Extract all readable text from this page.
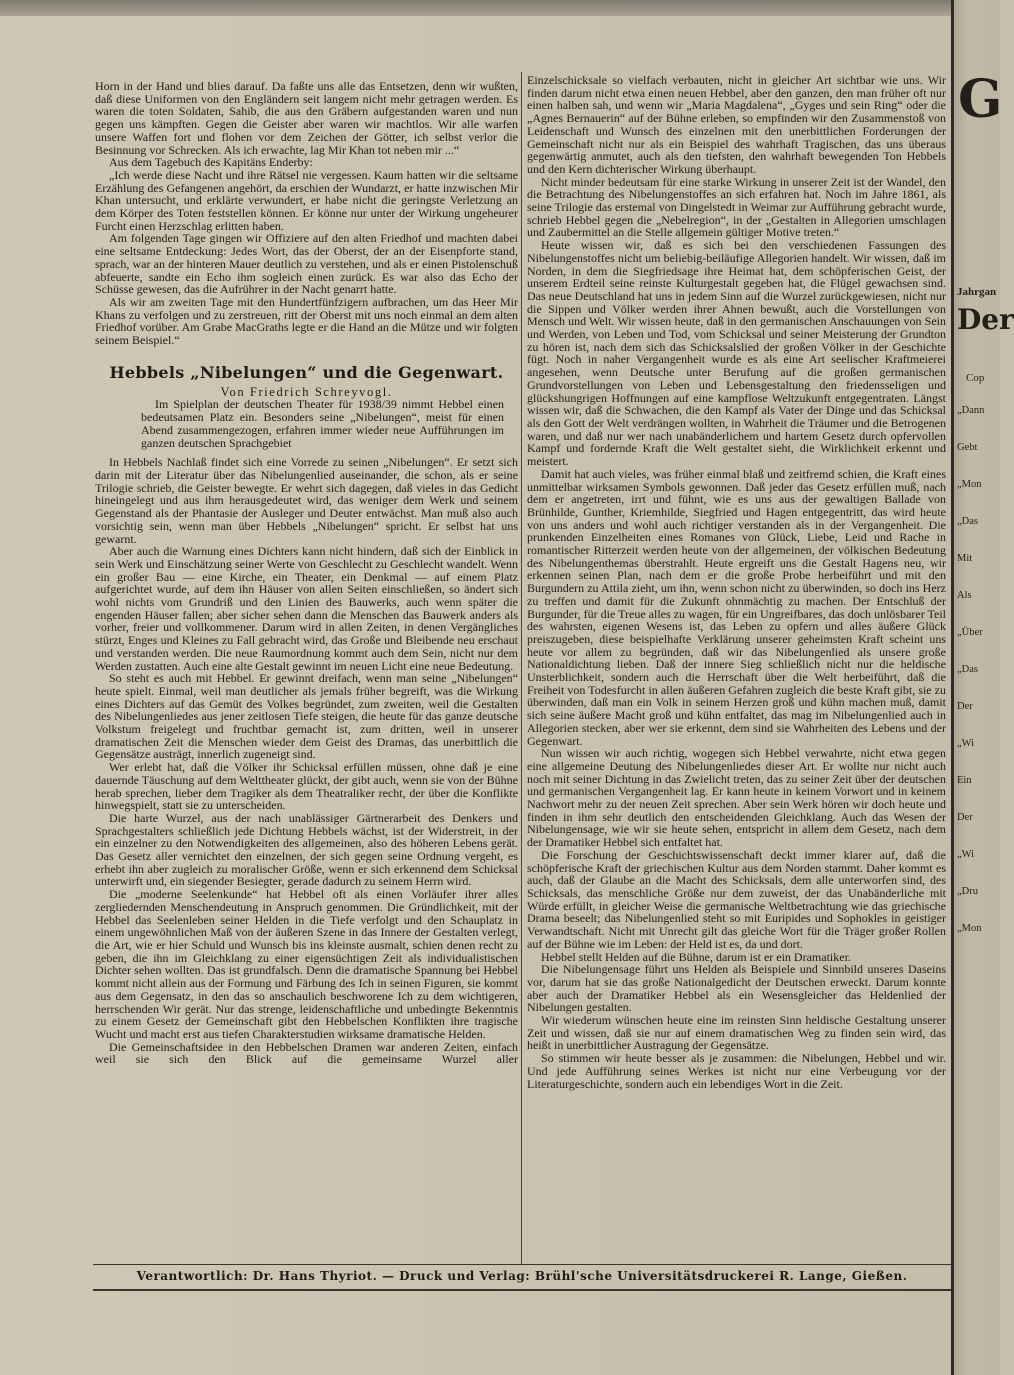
Horn in der Hand und blies darauf. Da faßte uns alle das Entsetzen, denn wir wußten, daß diese Uniformen von den Engländern seit langem nicht mehr getragen werden. Es waren die toten Soldaten, Sahib, die aus den Gräbern aufgestanden waren und nun gegen uns kämpften. Gegen die Geister aber waren wir machtlos. Wir alle warfen unsere Waffen fort und flohen vor dem Zeichen der Götter, ich selbst verlor die Besinnung vor Schrecken. Als ich erwachte, lag Mir Khan tot neben mir ...“

Aus dem Tagebuch des Kapitäns Enderby:

„Ich werde diese Nacht und ihre Rätsel nie vergessen. Kaum hatten wir die seltsame Erzählung des Gefangenen angehört, da erschien der Wundarzt, er hatte inzwischen Mir Khan untersucht, und erklärte verwundert, er habe nicht die geringste Verletzung an dem Körper des Toten feststellen können. Er könne nur unter der Wirkung ungeheurer Furcht einen Herzschlag erlitten haben.

Am folgenden Tage gingen wir Offiziere auf den alten Friedhof und machten dabei eine seltsame Entdeckung: Jedes Wort, das der Oberst, der an der Eisenpforte stand, sprach, war an der hinteren Mauer deutlich zu verstehen, und als er einen Pistolenschuß abfeuerte, sandte ein Echo ihm sogleich einen zurück. Es war also das Echo der Schüsse gewesen, das die Aufrührer in der Nacht genarrt hatte.

Als wir am zweiten Tage mit den Hundertfünfzigern aufbrachen, um das Heer Mir Khans zu verfolgen und zu zerstreuen, ritt der Oberst mit uns noch einmal an dem alten Friedhof vorüber. Am Grabe MacGraths legte er die Hand an die Mütze und wir folgten seinem Beispiel.“

Hebbels „Nibelungen“ und die Gegenwart.

Von Friedrich Schreyvogl.

Im Spielplan der deutschen Theater für 1938/39 nimmt Hebbel einen bedeutsamen Platz ein. Besonders seine „Nibelungen“, meist für einen Abend zusammengezogen, erfahren immer wieder neue Aufführungen im ganzen deutschen Sprachgebiet

In Hebbels Nachlaß findet sich eine Vorrede zu seinen „Nibelungen“. Er setzt sich darin mit der Literatur über das Nibelungenlied auseinander, die schon, als er seine Trilogie schrieb, die Geister bewegte. Er wehrt sich dagegen, daß vieles in das Gedicht hineingelegt und aus ihm herausgedeutet wird, das weniger dem Werk und seinem Gegenstand als der Phantasie der Ausleger und Deuter entwächst. Man muß also auch vorsichtig sein, wenn man über Hebbels „Nibelungen“ spricht. Er selbst hat uns gewarnt.

Aber auch die Warnung eines Dichters kann nicht hindern, daß sich der Einblick in sein Werk und Einschätzung seiner Werte von Geschlecht zu Geschlecht wandelt. Wenn ein großer Bau — eine Kirche, ein Theater, ein Denkmal — auf einem Platz aufgerichtet wurde, auf dem ihn Häuser von allen Seiten einschließen, so ändert sich wohl nichts vom Grundriß und den Linien des Bauwerks, auch wenn später die engenden Häuser fallen; aber sicher sehen dann die Menschen das Bauwerk anders als vorher, freier und vollkommener. Darum wird in allen Zeiten, in denen Vergängliches stürzt, Enges und Kleines zu Fall gebracht wird, das Große und Bleibende neu erschaut und verstanden werden. Die neue Raumordnung kommt auch dem Sein, nicht nur dem Werden zustatten. Auch eine alte Gestalt gewinnt im neuen Licht eine neue Bedeutung.

So steht es auch mit Hebbel. Er gewinnt dreifach, wenn man seine „Nibelungen“ heute spielt. Einmal, weil man deutlicher als jemals früher begreift, was die Wirkung eines Dichters auf das Gemüt des Volkes begründet, zum zweiten, weil die Gestalten des Nibelungenliedes aus jener zeitlosen Tiefe steigen, die heute für das ganze deutsche Volkstum freigelegt und fruchtbar gemacht ist, zum dritten, weil in unserer dramatischen Zeit die Menschen wieder dem Geist des Dramas, das unerbittlich die Gegensätze austrägt, innerlich zugeneigt sind.

Wer erlebt hat, daß die Völker ihr Schicksal erfüllen müssen, ohne daß je eine dauernde Täuschung auf dem Welttheater glückt, der gibt auch, wenn sie von der Bühne herab sprechen, lieber dem Tragiker als dem Theatraliker recht, der über die Konflikte hinwegspielt, statt sie zu unterscheiden.

Die harte Wurzel, aus der nach unablässiger Gärtnerarbeit des Denkers und Sprachgestalters schließlich jede Dichtung Hebbels wächst, ist der Widerstreit, in der ein einzelner zu den Notwendigkeiten des allgemeinen, also des höheren Lebens gerät. Das Gesetz aller vernichtet den einzelnen, der sich gegen seine Ordnung vergeht, es erhebt ihn aber zugleich zu moralischer Größe, wenn er sich erkennend dem Schicksal unterwirft und, ein siegender Besiegter, gerade dadurch zu seinem Herrn wird.

Die „moderne Seelenkunde“ hat Hebbel oft als einen Vorläufer ihrer alles zergliedernden Menschendeutung in Anspruch genommen. Die Gründlichkeit, mit der Hebbel das Seelenleben seiner Helden in die Tiefe verfolgt und den Schauplatz in einem ungewöhnlichen Maß von der äußeren Szene in das Innere der Gestalten verlegt, die Art, wie er hier Schuld und Wunsch bis ins kleinste ausmalt, schien denen recht zu geben, die ihn im Gleichklang zu einer eigensüchtigen Zeit als individualistischen Dichter sehen wollten. Das ist grundfalsch. Denn die dramatische Spannung bei Hebbel kommt nicht allein aus der Formung und Färbung des Ich in seinen Figuren, sie kommt aus dem Gegensatz, in den das so anschaulich beschworene Ich zu dem wichtigeren, herrschenden Wir gerät. Nur das strenge, leidenschaftliche und unbedingte Bekenntnis zu einem Gesetz der Gemeinschaft gibt den Hebbelschen Konflikten ihre tragische Wucht und macht erst aus tiefen Charakterstudien wirksame dramatische Helden.

Die Gemeinschaftsidee in den Hebbelschen Dramen war anderen Zeiten, einfach weil sie sich den Blick auf die gemeinsame Wurzel aller

Einzelschicksale so vielfach verbauten, nicht in gleicher Art sichtbar wie uns. Wir finden darum nicht etwa einen neuen Hebbel, aber den ganzen, den man früher oft nur einen halben sah, und wenn wir „Maria Magdalena“, „Gyges und sein Ring“ oder die „Agnes Bernauerin“ auf der Bühne erleben, so empfinden wir den Zusammenstoß von Leidenschaft und Wunsch des einzelnen mit den unerbittlichen Forderungen der Gemeinschaft nicht nur als ein Beispiel des wahrhaft Tragischen, das uns überaus gegenwärtig anmutet, auch als den tiefsten, den wahrhaft bewegenden Ton Hebbels und den Kern dichterischer Wirkung überhaupt.

Nicht minder bedeutsam für eine starke Wirkung in unserer Zeit ist der Wandel, den die Betrachtung des Nibelungenstoffes an sich erfahren hat. Noch im Jahre 1861, als seine Trilogie das erstemal von Dingelstedt in Weimar zur Aufführung gebracht wurde, schrieb Hebbel gegen die „Nebelregion“, in der „Gestalten in Allegorien umschlagen und Zaubermittel an die Stelle allgemein gültiger Motive treten.“

Heute wissen wir, daß es sich bei den verschiedenen Fassungen des Nibelungenstoffes nicht um beliebig-beiläufige Allegorien handelt. Wir wissen, daß im Norden, in dem die Siegfriedsage ihre Heimat hat, dem schöpferischen Geist, der unserem Erdteil seine reinste Kulturgestalt gegeben hat, die Flügel gewachsen sind. Das neue Deutschland hat uns in jedem Sinn auf die Wurzel zurückgewiesen, nicht nur die Sippen und Völker werden ihrer Ahnen bewußt, auch die Vorstellungen von Mensch und Welt. Wir wissen heute, daß in den germanischen Anschauungen von Sein und Werden, von Leben und Tod, vom Schicksal und seiner Meisterung der Grundton zu hören ist, nach dem sich das Schicksalslied der großen Völker in der Geschichte fügt. Noch in naher Vergangenheit wurde es als eine Art seelischer Kraftmeierei angesehen, wenn Deutsche unter Berufung auf die großen germanischen Grundvorstellungen von Leben und Lebensgestaltung den friedensseligen und glückshungrigen Hoffnungen auf eine kampflose Weltzukunft entgegentraten. Längst wissen wir, daß die Schwachen, die den Kampf als Vater der Dinge und das Schicksal als den Gott der Welt verdrängen wollten, in Wahrheit die Träumer und die Betrogenen waren, und daß nur wer nach unabänderlichem und hartem Gesetz durch opfervollen Kampf und fordernde Kraft die Welt gestaltet sieht, die Wirklichkeit erkennt und meistert.

Damit hat auch vieles, was früher einmal blaß und zeitfremd schien, die Kraft eines unmittelbar wirksamen Symbols gewonnen. Daß jeder das Gesetz erfüllen muß, nach dem er angetreten, irrt und fühnt, wie es uns aus der gewaltigen Ballade von Brünhilde, Gunther, Kriemhilde, Siegfried und Hagen entgegentritt, das wird heute von uns anders und wohl auch richtiger verstanden als in der Vergangenheit. Die prunkenden Einzelheiten eines Romanes von Glück, Liebe, Leid und Rache in romantischer Ritterzeit werden heute von der allgemeinen, der völkischen Bedeutung des Nibelungenthemas überstrahlt. Heute ergreift uns die Gestalt Hagens neu, wir erkennen seinen Plan, nach dem er die große Probe herbeiführt und mit den Burgundern zu Attila zieht, um ihn, wenn schon nicht zu überwinden, so doch ins Herz zu treffen und damit für die Zukunft ohnmächtig zu machen. Der Entschluß der Burgunder, für die Treue alles zu wagen, für ein Ungreifbares, das doch unlösbarer Teil des wahrsten, eigenen Wesens ist, das Leben zu opfern und alles äußere Glück preiszugeben, diese beispielhafte Verklärung unserer geheimsten Kraft scheint uns heute vor allem zu begründen, daß wir das Nibelungenlied als unsere große Nationaldichtung lieben. Daß der innere Sieg schließlich nicht nur die heldische Unsterblichkeit, sondern auch die Herrschaft über die Welt herbeiführt, daß die Freiheit von Todesfurcht in allen äußeren Gefahren zugleich die beste Kraft gibt, sie zu überwinden, daß man ein Volk in seinem Herzen groß und kühn machen muß, damit sich seine äußere Macht groß und kühn entfaltet, das mag im Nibelungenlied auch in Allegorien stecken, aber wer sie erkennt, dem sind sie Wahrheiten des Lebens und der Gegenwart.

Nun wissen wir auch richtig, wogegen sich Hebbel verwahrte, nicht etwa gegen eine allgemeine Deutung des Nibelungenliedes dieser Art. Er wollte nur nicht auch noch mit seiner Dichtung in das Zwielicht treten, das zu seiner Zeit über der deutschen und germanischen Vergangenheit lag. Er kann heute in keinem Vorwort und in keinem Nachwort mehr zu der neuen Zeit sprechen. Aber sein Werk hören wir doch heute und finden in ihm sehr deutlich den entscheidenden Gleichklang. Auch das Wesen der Nibelungensage, wie wir sie heute sehen, entspricht in allem dem Gesetz, nach dem der Dramatiker Hebbel sich entfaltet hat.

Die Forschung der Geschichtswissenschaft deckt immer klarer auf, daß die schöpferische Kraft der griechischen Kultur aus dem Norden stammt. Daher kommt es auch, daß der Glaube an die Macht des Schicksals, dem alle unterworfen sind, des Schicksals, das menschliche Größe nur dem zuweist, der das Unabänderliche mit Würde erfüllt, in gleicher Weise die germanische Weltbetrachtung wie das griechische Drama beseelt; das Nibelungenlied steht so mit Euripides und Sophokles in geistiger Verwandtschaft. Nicht mit Unrecht gilt das gleiche Wort für die Träger großer Rollen auf der Bühne wie im Leben: der Held ist es, da und dort.

Hebbel stellt Helden auf die Bühne, darum ist er ein Dramatiker.

Die Nibelungensage führt uns Helden als Beispiele und Sinnbild unseres Daseins vor, darum hat sie das große Nationalgedicht der Deutschen erweckt. Darum konnte aber auch der Dramatiker Hebbel als ein Wesensgleicher das Heldenlied der Nibelungen gestalten.

Wir wiederum wünschen heute eine im reinsten Sinn heldische Gestaltung unserer Zeit und wissen, daß sie nur auf einem dramatischen Weg zu finden sein wird, das heißt in unerbittlicher Austragung der Gegensätze.

So stimmen wir heute besser als je zusammen: die Nibelungen, Hebbel und wir. Und jede Aufführung seines Werkes ist nicht nur eine Verbeugung vor der Literaturgeschichte, sondern auch ein lebendiges Wort in die Zeit.

Verantwortlich: Dr. Hans Thyriot. — Druck und Verlag: Brühl'sche Universitätsdruckerei R. Lange, Gießen.
G
Jahrgan
Der
Cop
„Dann
Gebt
„Mon
„Das
Mit
Als
„Über
„Das
Der
„Wi
Ein
Der
„Wi
„Dru
„Mon
